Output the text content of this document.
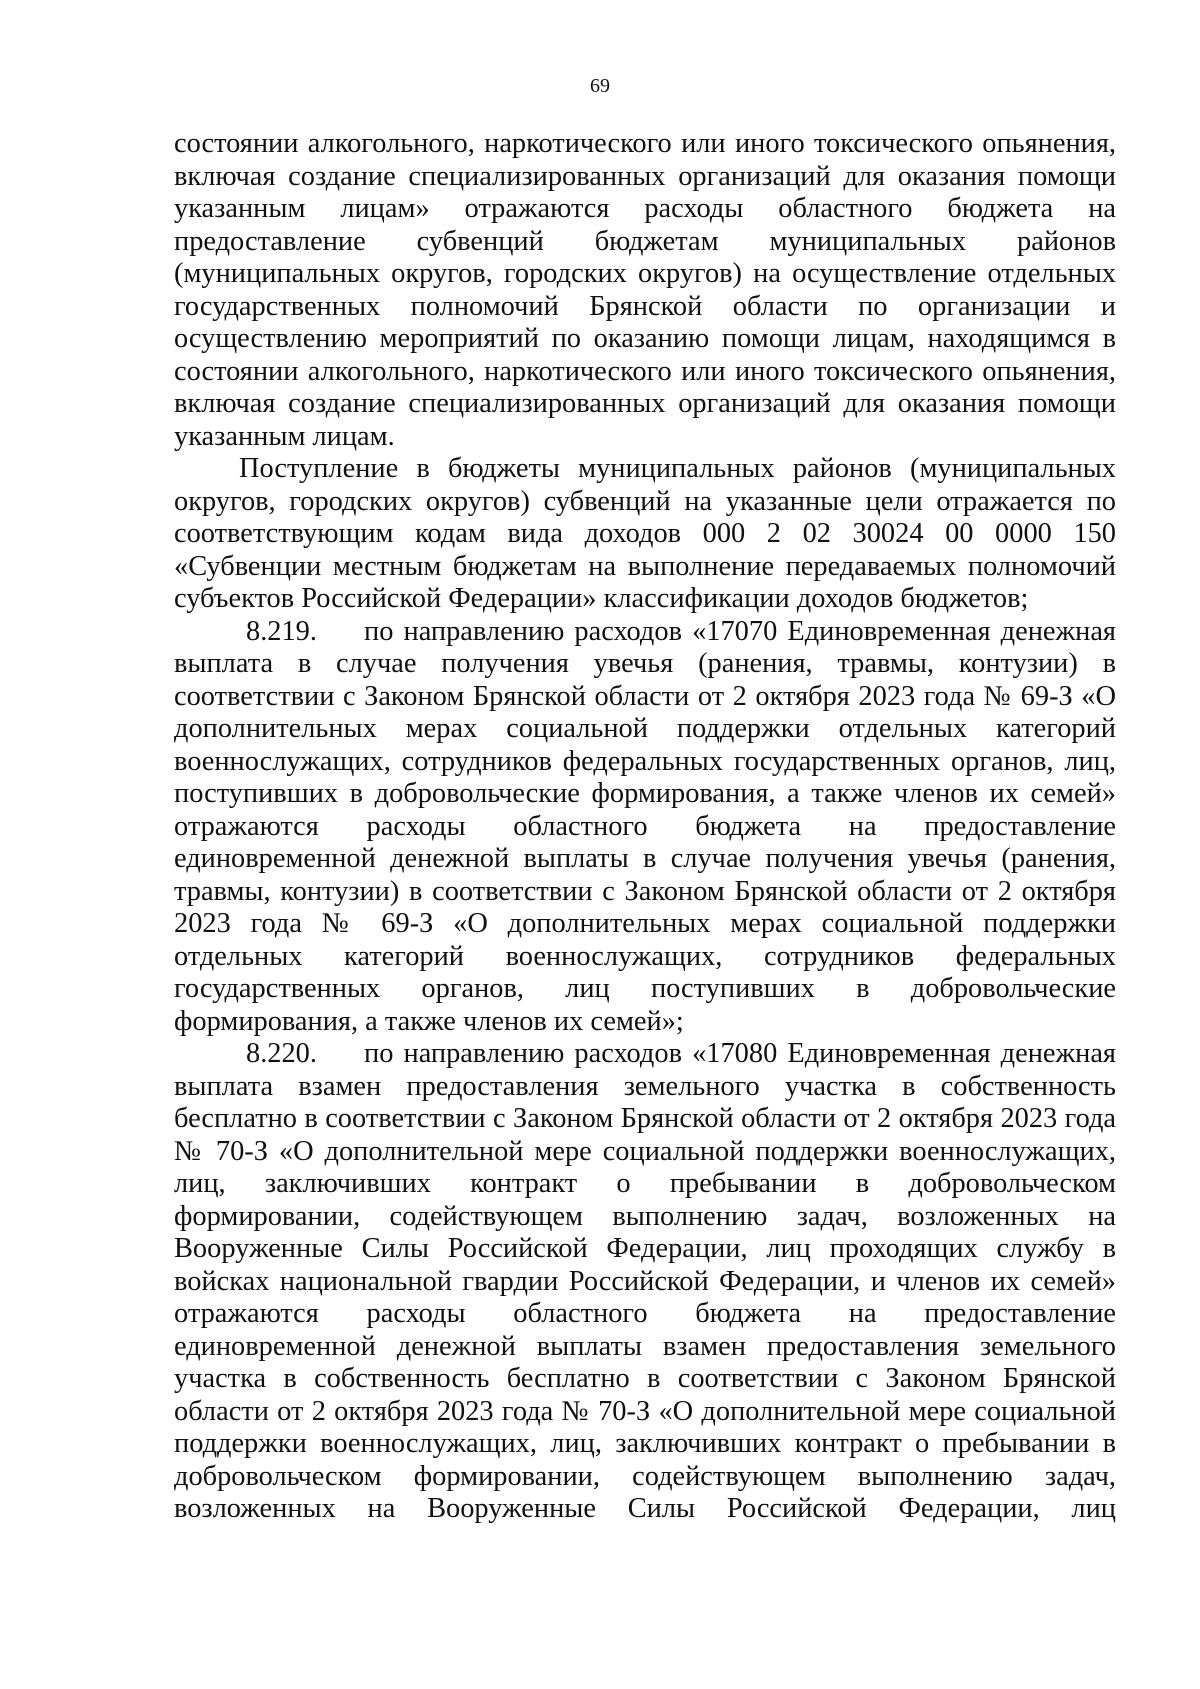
69

состоянии алкогольного, наркотического или иного токсического опьянения, включая создание специализированных организаций для оказания помощи указанным лицам» отражаются расходы областного бюджета на предоставление субвенций бюджетам муниципальных районов (муниципальных округов, городских округов) на осуществление отдельных государственных полномочий Брянской области по организации и осуществлению мероприятий по оказанию помощи лицам, находящимся в состоянии алкогольного, наркотического или иного токсического опьянения, включая создание специализированных организаций для оказания помощи указанным лицам.

Поступление в бюджеты муниципальных районов (муниципальных округов, городских округов) субвенций на указанные цели отражается по соответствующим кодам вида доходов 000 2 02 30024 00 0000 150 «Субвенции местным бюджетам на выполнение передаваемых полномочий субъектов Российской Федерации» классификации доходов бюджетов;

8.219. по направлению расходов «17070 Единовременная денежная выплата в случае получения увечья (ранения, травмы, контузии) в соответствии с Законом Брянской области от 2 октября 2023 года № 69-З «О дополнительных мерах социальной поддержки отдельных категорий военнослужащих, сотрудников федеральных государственных органов, лиц, поступивших в добровольческие формирования, а также членов их семей» отражаются расходы областного бюджета на предоставление единовременной денежной выплаты в случае получения увечья (ранения, травмы, контузии) в соответствии с Законом Брянской области от 2 октября 2023 года № 69-З «О дополнительных мерах социальной поддержки отдельных категорий военнослужащих, сотрудников федеральных государственных органов, лиц поступивших в добровольческие формирования, а также членов их семей»;

8.220. по направлению расходов «17080 Единовременная денежная выплата взамен предоставления земельного участка в собственность бесплатно в соответствии с Законом Брянской области от 2 октября 2023 года № 70-З «О дополнительной мере социальной поддержки военнослужащих, лиц, заключивших контракт о пребывании в добровольческом формировании, содействующем выполнению задач, возложенных на Вооруженные Силы Российской Федерации, лиц проходящих службу в войсках национальной гвардии Российской Федерации, и членов их семей» отражаются расходы областного бюджета на предоставление единовременной денежной выплаты взамен предоставления земельного участка в собственность бесплатно в соответствии с Законом Брянской области от 2 октября 2023 года № 70-З «О дополнительной мере социальной поддержки военнослужащих, лиц, заключивших контракт о пребывании в добровольческом формировании, содействующем выполнению задач, возложенных на Вооруженные Силы Российской Федерации, лиц
